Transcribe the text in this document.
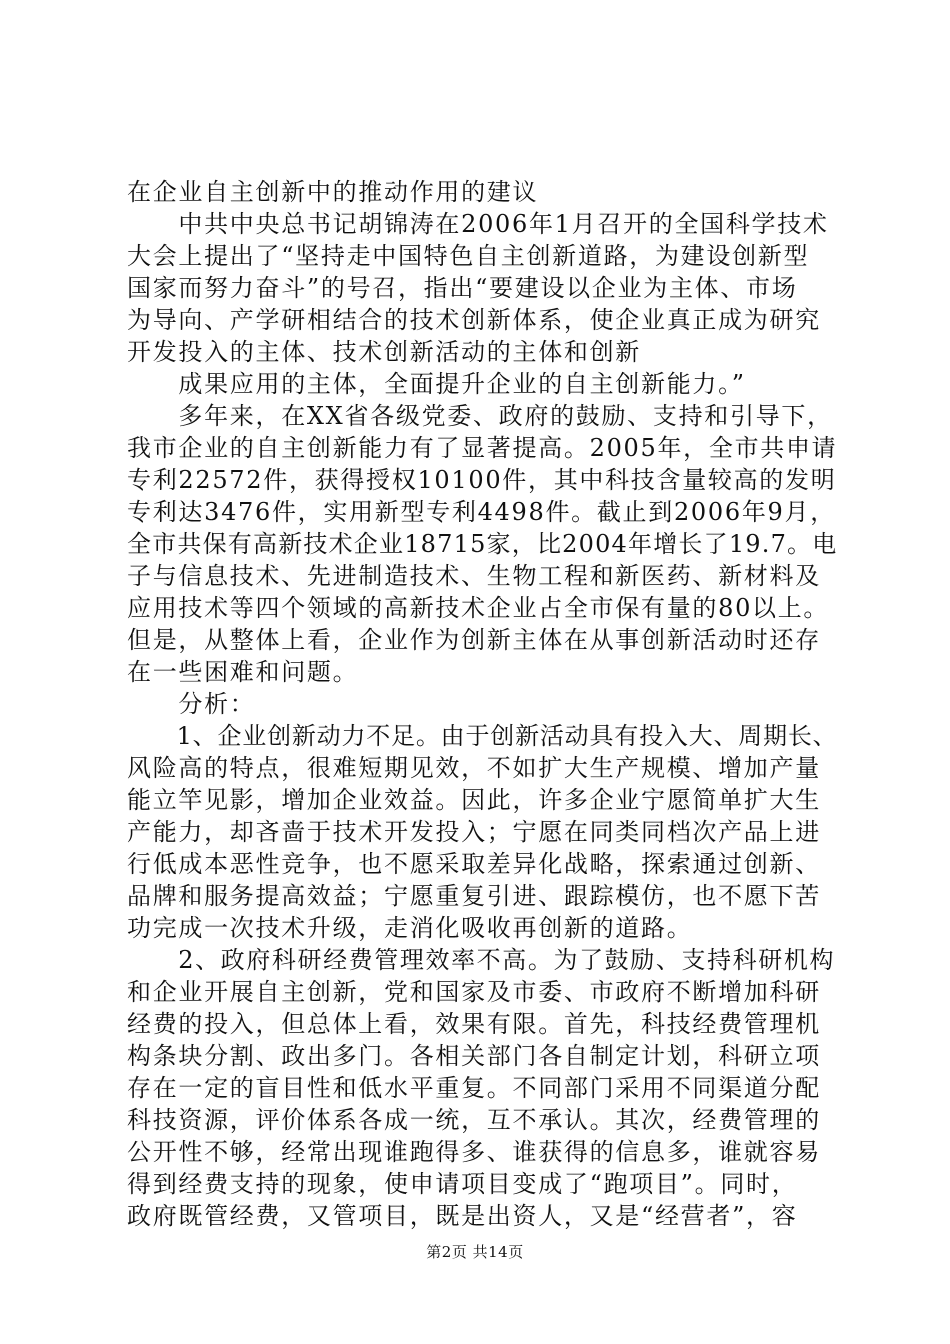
在企业自主创新中的推动作用的建议
　　中共中央总书记胡锦涛在2006年1月召开的全国科学技术
大会上提出了“坚持走中国特色自主创新道路，为建设创新型
国家而努力奋斗”的号召，指出“要建设以企业为主体、市场
为导向、产学研相结合的技术创新体系，使企业真正成为研究
开发投入的主体、技术创新活动的主体和创新
　　成果应用的主体，全面提升企业的自主创新能力。”
　　多年来，在XX省各级党委、政府的鼓励、支持和引导下，
我市企业的自主创新能力有了显著提高。2005年，全市共申请
专利22572件，获得授权10100件，其中科技含量较高的发明
专利达3476件，实用新型专利4498件。截止到2006年9月，
全市共保有高新技术企业18715家，比2004年增长了19.7。电
子与信息技术、先进制造技术、生物工程和新医药、新材料及
应用技术等四个领域的高新技术企业占全市保有量的80以上。
但是，从整体上看，企业作为创新主体在从事创新活动时还存
在一些困难和问题。
　　分析：
　　1、企业创新动力不足。由于创新活动具有投入大、周期长、
风险高的特点，很难短期见效，不如扩大生产规模、增加产量
能立竿见影，增加企业效益。因此，许多企业宁愿简单扩大生
产能力，却吝啬于技术开发投入；宁愿在同类同档次产品上进
行低成本恶性竞争，也不愿采取差异化战略，探索通过创新、
品牌和服务提高效益；宁愿重复引进、跟踪模仿，也不愿下苦
功完成一次技术升级，走消化吸收再创新的道路。
　　2、政府科研经费管理效率不高。为了鼓励、支持科研机构
和企业开展自主创新，党和国家及市委、市政府不断增加科研
经费的投入，但总体上看，效果有限。首先，科技经费管理机
构条块分割、政出多门。各相关部门各自制定计划，科研立项
存在一定的盲目性和低水平重复。不同部门采用不同渠道分配
科技资源，评价体系各成一统，互不承认。其次，经费管理的
公开性不够，经常出现谁跑得多、谁获得的信息多，谁就容易
得到经费支持的现象，使申请项目变成了“跑项目”。同时，
政府既管经费，又管项目，既是出资人，又是“经营者”，容
第2页 共14页
